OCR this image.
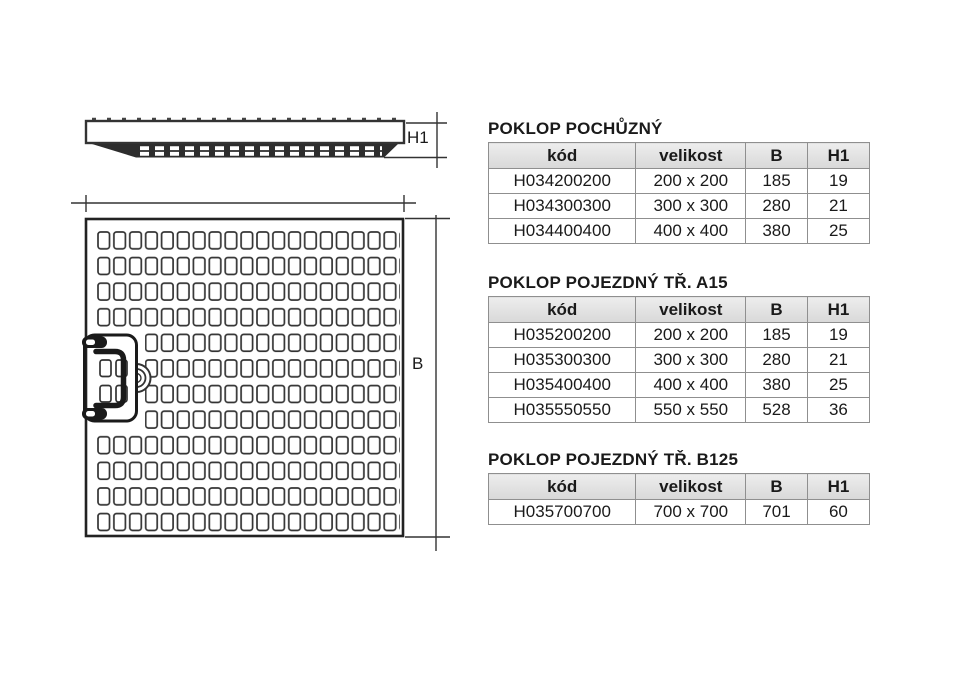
H1
B
POKLOP POCHŮZNÝ
kód	velikost	B	H1
H034200200	200 x 200	185	19
H034300300	300 x 300	280	21
H034400400	400 x 400	380	25
POKLOP POJEZDNÝ TŘ. A15
kód	velikost	B	H1
H035200200	200 x 200	185	19
H035300300	300 x 300	280	21
H035400400	400 x 400	380	25
H035550550	550 x 550	528	36
POKLOP POJEZDNÝ TŘ. B125
kód	velikost	B	H1
H035700700	700 x 700	701	60
